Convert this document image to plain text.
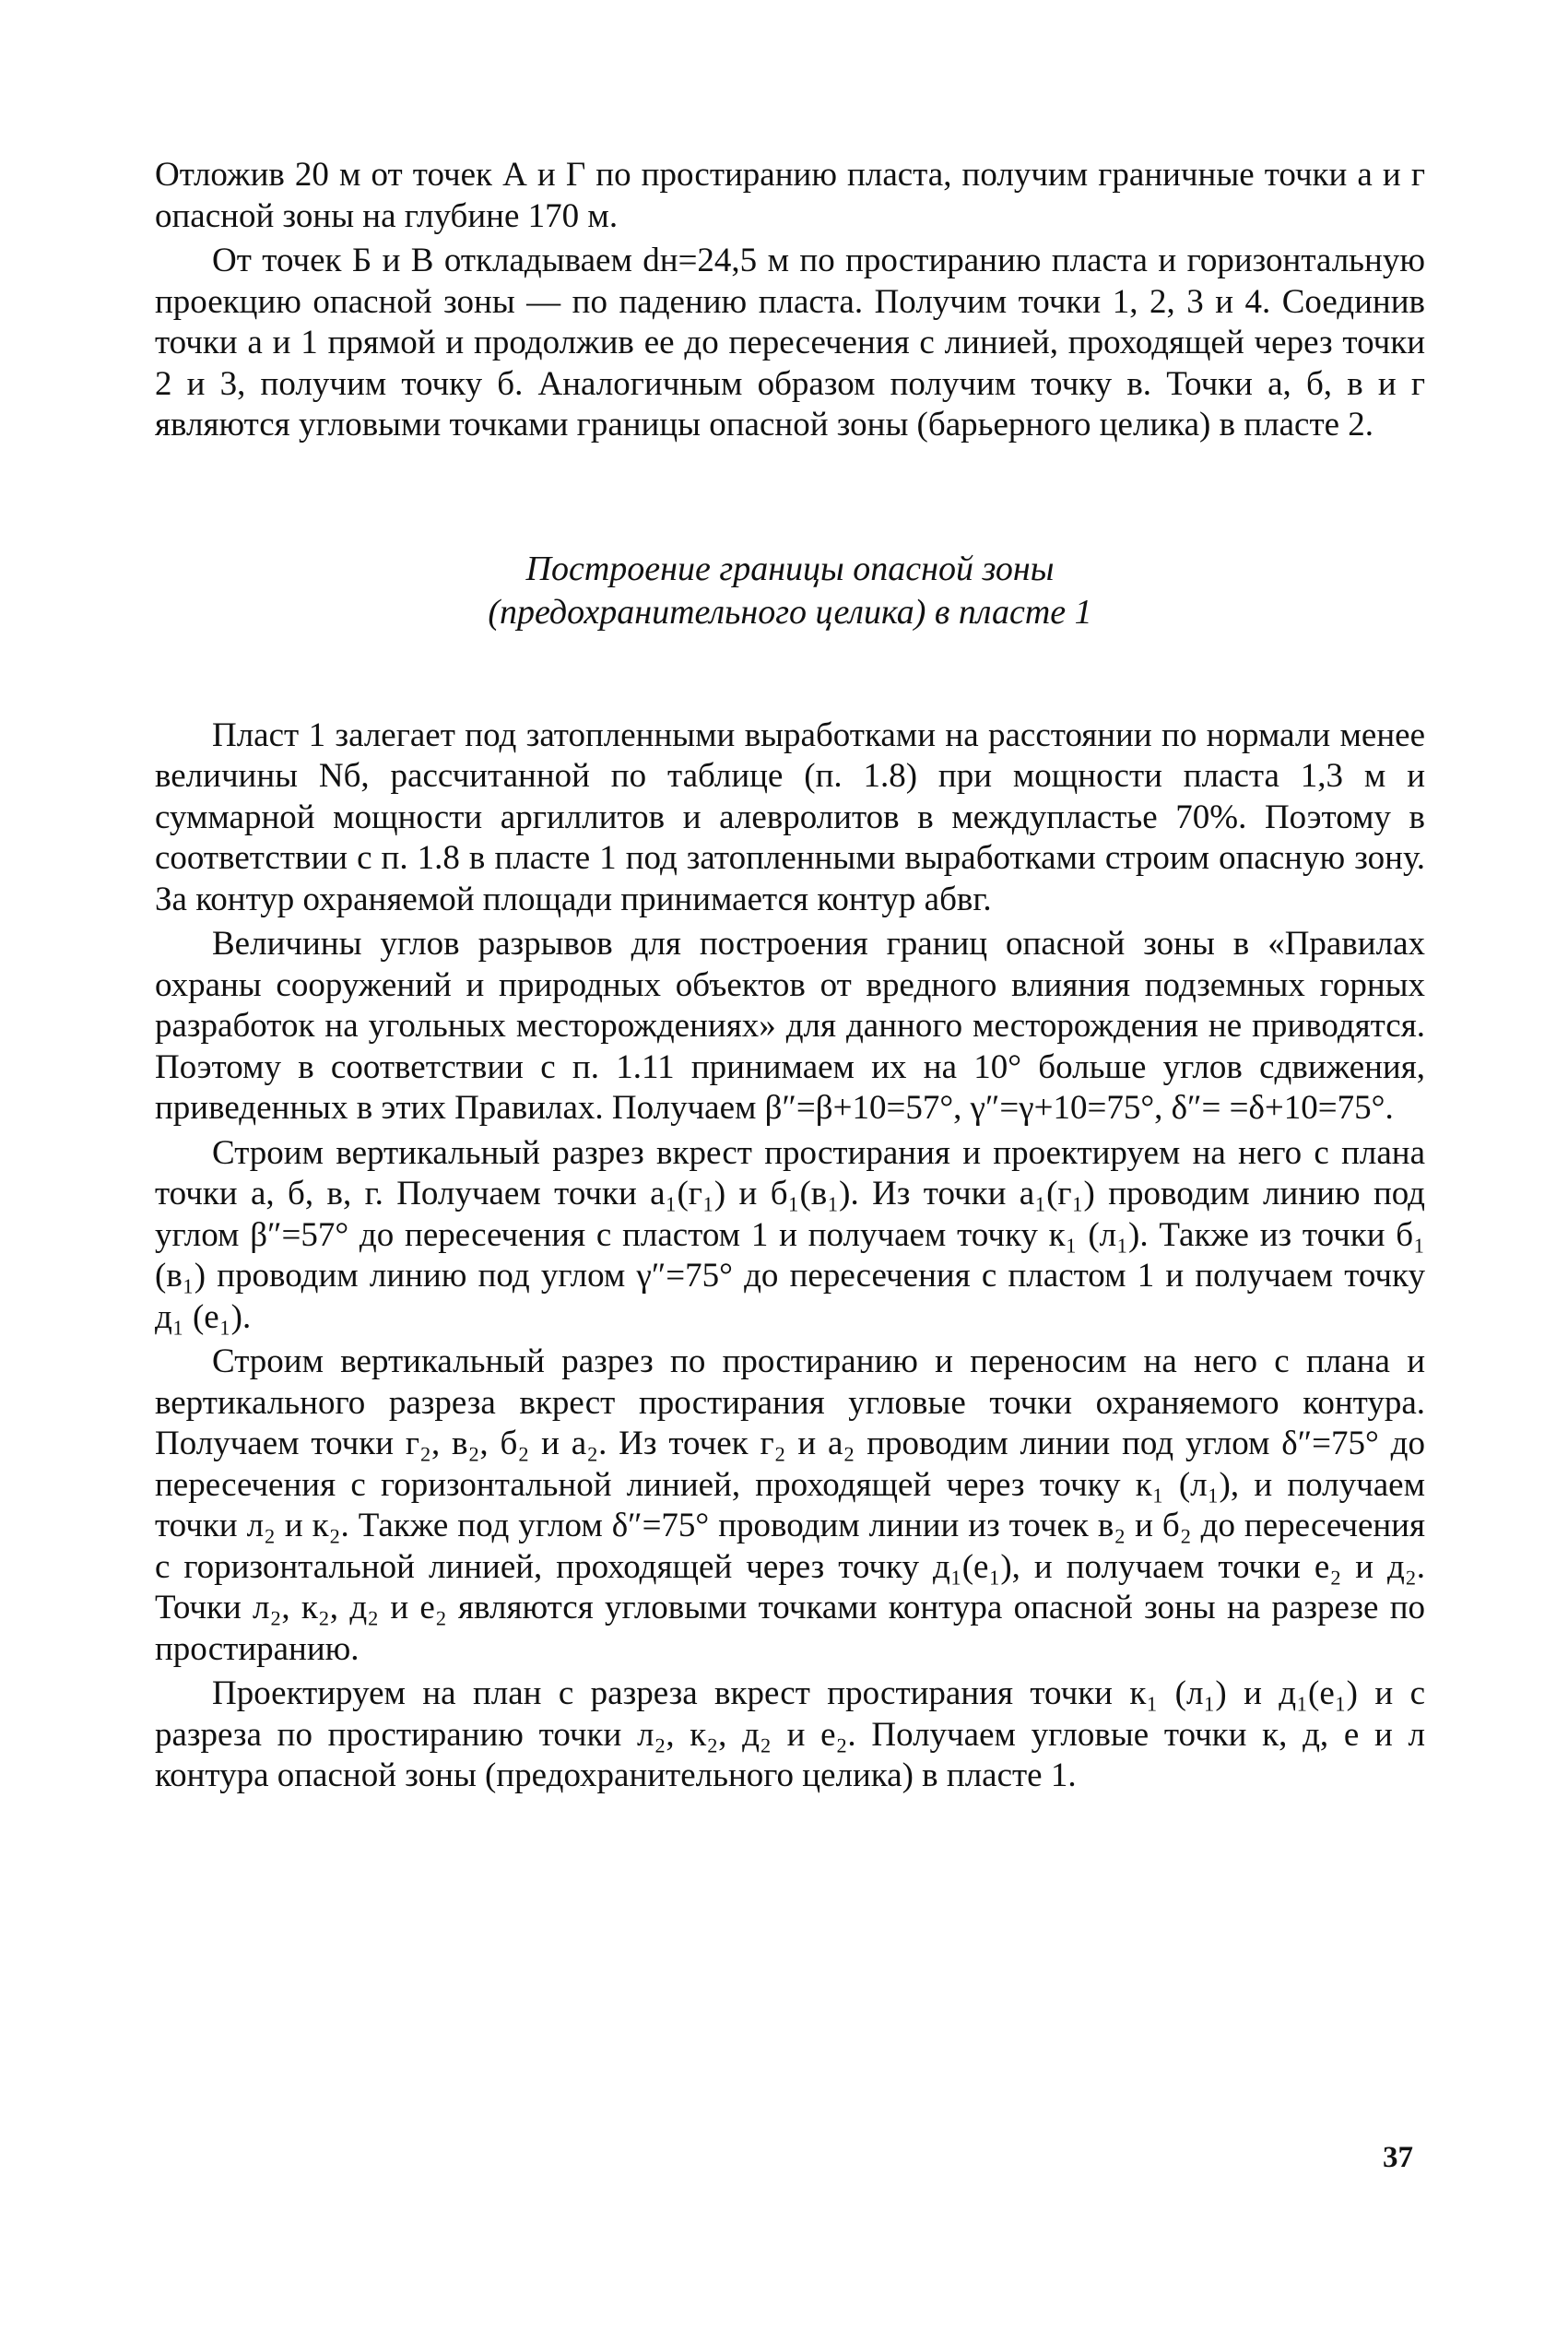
Отложив 20 м от точек А и Г по простиранию пласта, получим граничные точки а и г опасной зоны на глубине 170 м.

От точек Б и В откладываем dн=24,5 м по простиранию пласта и горизонтальную проекцию опасной зоны — по падению пласта. Получим точки 1, 2, 3 и 4. Соединив точки а и 1 прямой и продолжив ее до пересечения с линией, проходящей через точки 2 и 3, получим точку б. Аналогичным образом получим точку в. Точки а, б, в и г являются угловыми точками границы опасной зоны (барьерного целика) в пласте 2.

Построение границы опасной зоны
(предохранительного целика) в пласте 1

Пласт 1 залегает под затопленными выработками на расстоянии по нормали менее величины Nб, рассчитанной по таблице (п. 1.8) при мощности пласта 1,3 м и суммарной мощности аргиллитов и алевролитов в междупластье 70%. Поэтому в соответствии с п. 1.8 в пласте 1 под затопленными выработками строим опасную зону. За контур охраняемой площади принимается контур абвг.

Величины углов разрывов для построения границ опасной зоны в «Правилах охраны сооружений и природных объектов от вредного влияния подземных горных разработок на угольных месторождениях» для данного месторождения не приводятся. Поэтому в соответствии с п. 1.11 принимаем их на 10° больше углов сдвижения, приведенных в этих Правилах. Получаем β″=β+10=57°, γ″=γ+10=75°, δ″= =δ+10=75°.

Строим вертикальный разрез вкрест простирания и проектируем на него с плана точки а, б, в, г. Получаем точки а₁(г₁) и б₁(в₁). Из точки а₁(г₁) проводим линию под углом β″=57° до пересечения с пластом 1 и получаем точку к₁ (л₁). Также из точки б₁ (в₁) проводим линию под углом γ″=75° до пересечения с пластом 1 и получаем точку д₁ (е₁).

Строим вертикальный разрез по простиранию и переносим на него с плана и вертикального разреза вкрест простирания угловые точки охраняемого контура. Получаем точки г₂, в₂, б₂ и а₂. Из точек г₂ и а₂ проводим линии под углом δ″=75° до пересечения с горизонтальной линией, проходящей через точку к₁ (л₁), и получаем точки л₂ и к₂. Также под углом δ″=75° проводим линии из точек в₂ и б₂ до пересечения с горизонтальной линией, проходящей через точку д₁(е₁), и получаем точки е₂ и д₂. Точки л₂, к₂, д₂ и е₂ являются угловыми точками контура опасной зоны на разрезе по простиранию.

Проектируем на план с разреза вкрест простирания точки к₁ (л₁) и д₁(е₁) и с разреза по простиранию точки л₂, к₂, д₂ и е₂. Получаем угловые точки к, д, е и л контура опасной зоны (предохранительного целика) в пласте 1.

37
